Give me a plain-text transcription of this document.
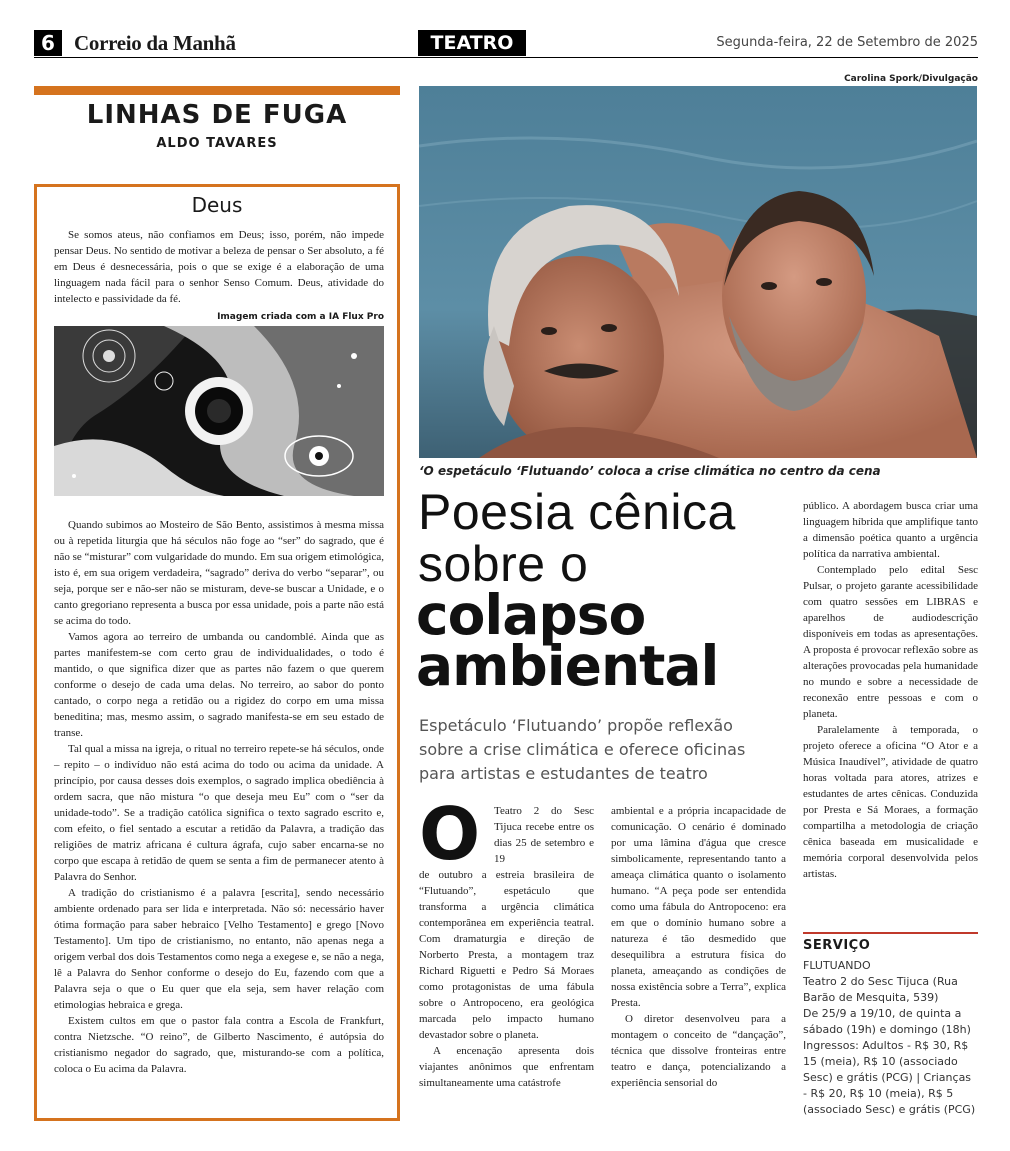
6 Correio da Manhã	TEATRO	Segunda-feira, 22 de Setembro de 2025
LINHAS DE FUGA
ALDO TAVARES
Deus

Se somos ateus, não confiamos em Deus; isso, porém, não impede pensar Deus. No sentido de motivar a beleza de pensar o Ser absoluto, a fé em Deus é desnecessária, pois o que se exige é a elaboração de uma linguagem nada fácil para o senhor Senso Comum. Deus, atividade do intelecto e passividade da fé.

Imagem criada com a IA Flux Pro

Quando subimos ao Mosteiro de São Bento, assistimos à mesma missa ou à repetida liturgia que há séculos não foge ao “ser” do sagrado, que é não se “misturar” com vulgaridade do mundo. Em sua origem etimológica, isto é, em sua origem verdadeira, “sagrado” deriva do verbo “separar”, ou seja, porque ser e não-ser não se misturam, deve-se buscar a Unidade, e o canto gregoriano representa a busca por essa unidade, pois a parte não está se acima do todo.

Vamos agora ao terreiro de umbanda ou candomblé. Ainda que as partes manifestem-se com certo grau de individualidades, o todo é mantido, o que significa dizer que as partes não fazem o que querem conforme o desejo de cada uma delas. No terreiro, ao sabor do ponto cantado, o corpo nega a retidão ou a rigidez do corpo em uma missa beneditina; mas, mesmo assim, o sagrado manifesta-se em seu estado de transe.

Tal qual a missa na igreja, o ritual no terreiro repete-se há séculos, onde – repito – o indivíduo não está acima do todo ou acima da unidade. A princípio, por causa desses dois exemplos, o sagrado implica obediência à ordem sacra, que não mistura “o que deseja meu Eu” com o “ser da unidade-todo”. Se a tradição católica significa o texto sagrado escrito e, com efeito, o fiel sentado a escutar a retidão da Palavra, a tradição das religiões de matriz africana é cultura ágrafa, cujo saber encarna-se no corpo que escapa à retidão de quem se senta a fim de permanecer atento à Palavra do Senhor.

A tradição do cristianismo é a palavra [escrita], sendo necessário ambiente ordenado para ser lida e interpretada. Não só: necessário haver ótima formação para saber hebraico [Velho Testamento] e grego [Novo Testamento]. Um tipo de cristianismo, no entanto, não apenas nega a origem verbal dos dois Testamentos como nega a exegese e, se não a nega, lê a Palavra do Senhor conforme o desejo do Eu, fazendo com que a Palavra seja o que o Eu quer que ela seja, sem haver relação com etimologias hebraica e grega.

Existem cultos em que o pastor fala contra a Escola de Frankfurt, contra Nietzsche. “O reino”, de Gilberto Nascimento, é autópsia do cristianismo negador do sagrado, que, misturando-se com a política, coloca o Eu acima da Palavra.

Carolina Spork/Divulgação
‘O espetáculo ‘Flutuando’ coloca a crise climática no centro da cena
Poesia cênica
sobre o
colapso
ambiental
Espetáculo ‘Flutuando’ propõe reflexão sobre a crise climática e oferece oficinas para artistas e estudantes de teatro
O Teatro 2 do Sesc Tijuca recebe entre os dias 25 de setembro e 19

de outubro a estreia brasileira de “Flutuando”, espetáculo que transforma a urgência climática contemporânea em experiência teatral. Com dramaturgia e direção de Norberto Presta, a montagem traz Richard Riguetti e Pedro Sá Moraes como protagonistas de uma fábula sobre o Antropoceno, era geológica marcada pelo impacto humano devastador sobre o planeta.

A encenação apresenta dois viajantes anônimos que enfrentam simultaneamente uma catástrofe

ambiental e a própria incapacidade de comunicação. O cenário é dominado por uma lâmina d'água que cresce simbolicamente, representando tanto a ameaça climática quanto o isolamento humano. “A peça pode ser entendida como uma fábula do Antropoceno: era em que o domínio humano sobre a natureza é tão desmedido que desequilibra a estrutura física do planeta, ameaçando as condições de nossa existência sobre a Terra”, explica Presta.

O diretor desenvolveu para a montagem o conceito de “dançação”, técnica que dissolve fronteiras entre teatro e dança, potencializando a experiência sensorial do

público. A abordagem busca criar uma linguagem híbrida que amplifique tanto a dimensão poética quanto a urgência política da narrativa ambiental.

Contemplado pelo edital Sesc Pulsar, o projeto garante acessibilidade com quatro sessões em LIBRAS e aparelhos de audiodescrição disponíveis em todas as apresentações. A proposta é provocar reflexão sobre as alterações provocadas pela humanidade no mundo e sobre a necessidade de reconexão entre pessoas e com o planeta.

Paralelamente à temporada, o projeto oferece a oficina “O Ator e a Música Inaudível”, atividade de quatro horas voltada para atores, atrizes e estudantes de artes cênicas. Conduzida por Presta e Sá Moraes, a formação compartilha a metodologia de criação cênica baseada em musicalidade e memória corporal desenvolvida pelos artistas.

SERVIÇO
FLUTUANDO
Teatro 2 do Sesc Tijuca (Rua Barão de Mesquita, 539)
De 25/9 a 19/10, de quinta a sábado (19h) e domingo (18h)
Ingressos: Adultos - R$ 30, R$ 15 (meia), R$ 10 (associado Sesc) e grátis (PCG) | Crianças - R$ 20, R$ 10 (meia), R$ 5 (associado Sesc) e grátis (PCG)
